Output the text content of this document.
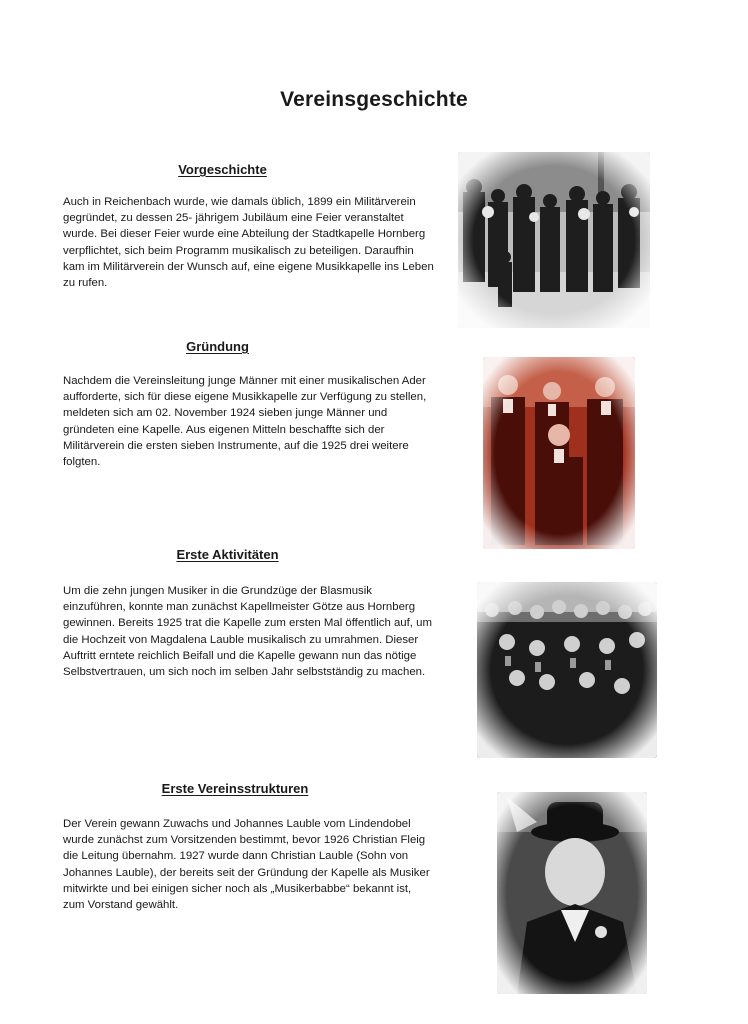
Vereinsgeschichte
Vorgeschichte

Auch in Reichenbach wurde, wie damals üblich, 1899 ein Militärverein gegründet, zu dessen 25- jährigem Jubiläum eine Feier veranstaltet wurde. Bei dieser Feier wurde eine Abteilung der Stadtkapelle Hornberg verpflichtet, sich beim Programm musikalisch zu beteiligen. Daraufhin kam im Militärverein der Wunsch auf, eine eigene Musikkapelle ins Leben zu rufen.

Gründung

Nachdem die Vereinsleitung junge Männer mit einer musikalischen Ader aufforderte, sich für diese eigene Musikkapelle zur Verfügung zu stellen, meldeten sich am 02. November 1924 sieben junge Männer und gründeten eine Kapelle. Aus eigenen Mitteln beschaffte sich der Militärverein die ersten sieben Instrumente, auf die 1925 drei weitere folgten.

Erste Aktivitäten

Um die zehn jungen Musiker in die Grundzüge der Blasmusik einzuführen, konnte man zunächst Kapellmeister Götze aus Hornberg gewinnen. Bereits 1925 trat die Kapelle zum ersten Mal öffentlich auf, um die Hochzeit von Magdalena Lauble musikalisch zu umrahmen. Dieser Auftritt erntete reichlich Beifall und die Kapelle gewann nun das nötige Selbstvertrauen, um sich noch im selben Jahr selbstständig zu machen.

Erste Vereinsstrukturen

Der Verein gewann Zuwachs und Johannes Lauble vom Lindendobel wurde zunächst zum Vorsitzenden bestimmt, bevor 1926 Christian Fleig die Leitung übernahm. 1927 wurde dann Christian Lauble (Sohn von Johannes Lauble), der bereits seit der Gründung der Kapelle als Musiker mitwirkte und bei einigen sicher noch als „Musikerbabbe“ bekannt ist, zum Vorstand gewählt.
